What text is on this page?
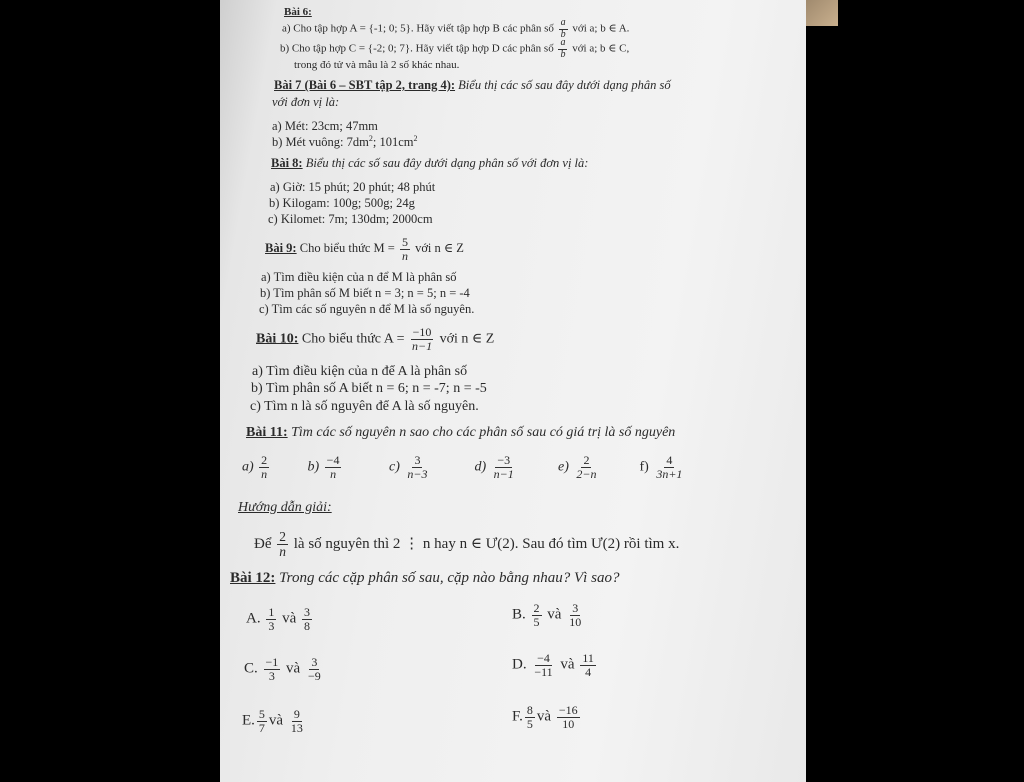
Bài 6:
a) Cho tập hợp A = {-1; 0; 5}. Hãy viết tập hợp B các phân số $\frac{a}{b}$ với a; b ∈ A.
b) Cho tập hợp C = {-2; 0; 7}. Hãy viết tập hợp D các phân số $\frac{a}{b}$ với a; b ∈ C,
trong đó tử và mẫu là 2 số khác nhau.
Bài 7 (Bài 6 – SBT tập 2, trang 4): Biểu thị các số sau đây dưới dạng phân số
với đơn vị là:
a) Mét: 23cm; 47mm
b) Mét vuông: $7dm^2$; $101cm^2$
Bài 8: Biểu thị các số sau đây dưới dạng phân số với đơn vị là:
a) Giờ: 15 phút; 20 phút; 48 phút
b) Kilogam: 100g; 500g; 24g
c) Kilomet: 7m; 130dm; 2000cm
Bài 9: Cho biểu thức $M = \frac{5}{n}$ với n ∈ Z
a) Tìm điều kiện của n để M là phân số
b) Tìm phân số M biết n = 3; n = 5; n = -4
c) Tìm các số nguyên n để M là số nguyên.
Bài 10: Cho biểu thức $A = \frac{-10}{n-1}$ với n ∈ Z
a) Tìm điều kiện của n để A là phân số
b) Tìm phân số A biết n = 6; n = -7; n = -5
c) Tìm n là số nguyên để A là số nguyên.
Bài 11: Tìm các số nguyên n sao cho các phân số sau có giá trị là số nguyên
$a) \frac{2}{n}$	$b) \frac{-4}{n}$	$c) \frac{3}{n-3}$	$d) \frac{-3}{n-1}$	$e) \frac{2}{2-n}$	$f) \frac{4}{3n+1}$
Hướng dẫn giải:
Để $\frac{2}{n}$ là số nguyên thì 2 ⋮ n hay n ∈ Ư(2). Sau đó tìm Ư(2) rồi tìm x.
Bài 12: Trong các cặp phân số sau, cặp nào bằng nhau? Vì sao?
A. $\frac{1}{3}$ và $\frac{3}{8}$	B. $\frac{2}{5}$ và $\frac{3}{10}$
C. $\frac{-1}{3}$ và $\frac{3}{-9}$	D. $\frac{-4}{-11}$ và $\frac{11}{4}$
E. $\frac{5}{7}$ và $\frac{9}{13}$	F. $\frac{8}{5}$ và $\frac{-16}{10}$
